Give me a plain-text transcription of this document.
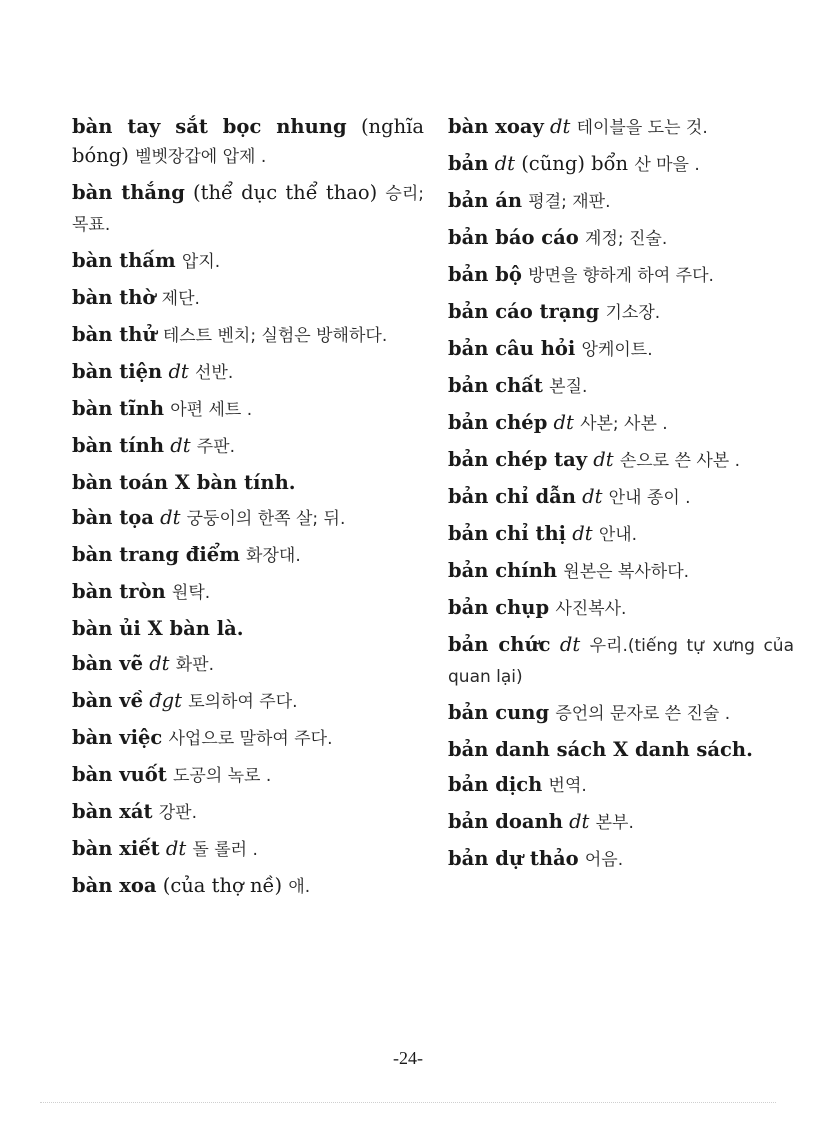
bàn tay sắt bọc nhung (nghĩa bóng) 벨벳장갑에 압제 .
bàn thắng (thể dục thể thao) 승리; 목표.
bàn thấm 압지.
bàn thờ 제단.
bàn thử 테스트 벤치; 실험은 방해하다.
bàn tiện dt 선반.
bàn tĩnh 아편 세트 .
bàn tính dt 주판.
bàn toán X bàn tính.
bàn tọa dt 궁둥이의 한쪽 살; 뒤.
bàn trang điểm 화장대.
bàn tròn 원탁.
bàn ủi X bàn là.
bàn vẽ dt 화판.
bàn về đgt 토의하여 주다.
bàn việc 사업으로 말하여 주다.
bàn vuốt 도공의 녹로 .
bàn xát 강판.
bàn xiết dt 돌 롤러 .
bàn xoa (của thợ nề) 애.
bàn xoay dt 테이블을 도는 것.
bản dt (cũng) bổn 산 마을 .
bản án 평결; 재판.
bản báo cáo 계정; 진술.
bản bộ 방면을 향하게 하여 주다.
bản cáo trạng 기소장.
bản câu hỏi 앙케이트.
bản chất 본질.
bản chép dt 사본; 사본 .
bản chép tay dt 손으로 쓴 사본 .
bản chỉ dẫn dt 안내 종이 .
bản chỉ thị dt 안내.
bản chính 원본은 복사하다.
bản chụp 사진복사.
bản chức dt 우리.(tiếng tự xưng của quan lại)
bản cung 증언의 문자로 쓴 진술 .
bản danh sách X danh sách.
bản dịch 번역.
bản doanh dt 본부.
bản dự thảo 어음.
-24-
